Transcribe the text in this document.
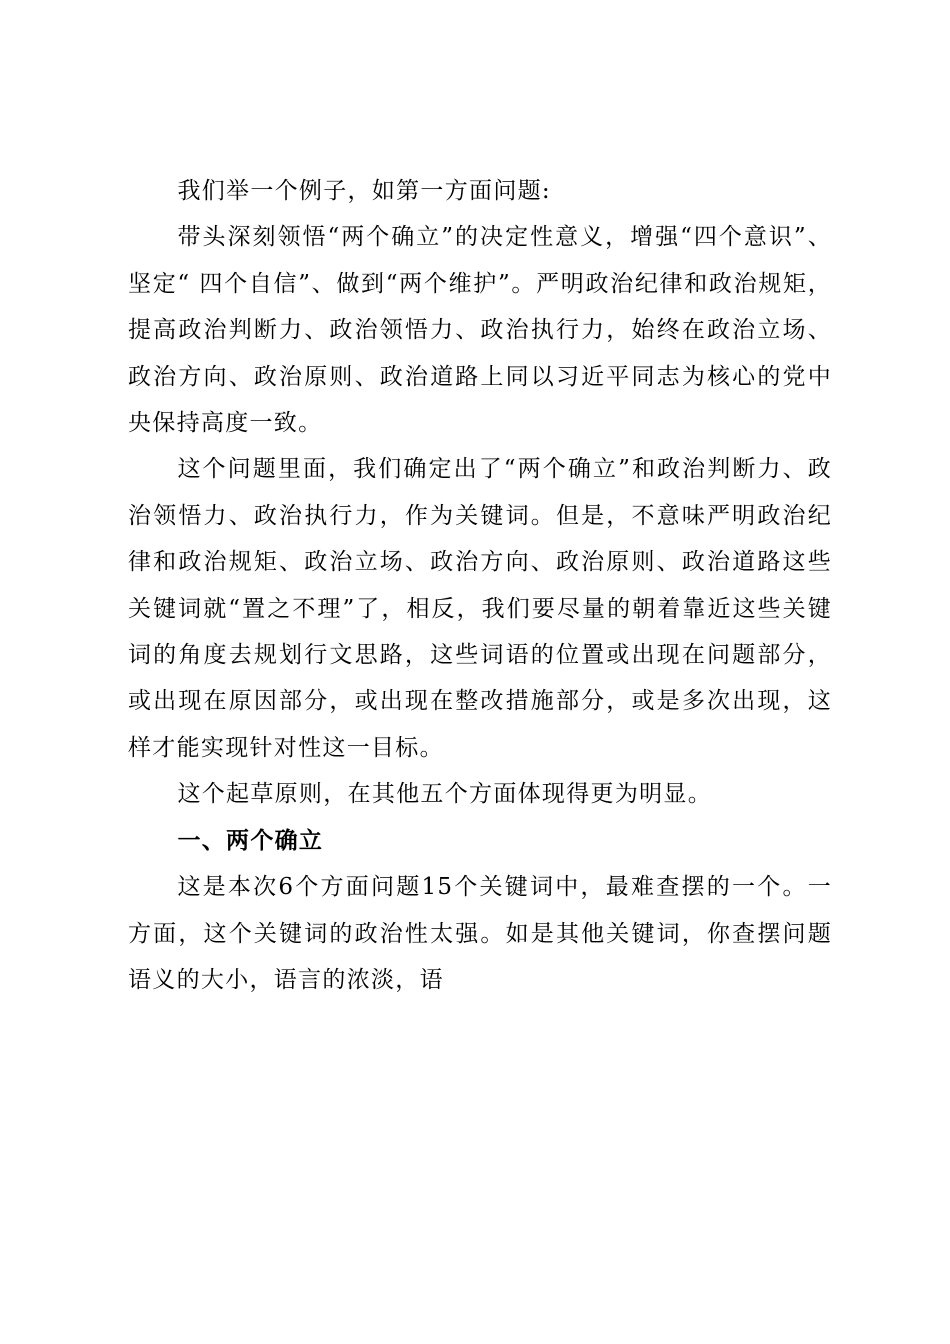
我们举一个例子，如第一方面问题:

带头深刻领悟“两个确立”的决定性意义，增强“四个意识”、坚定“ 四个自信”、做到“两个维护”。严明政治纪律和政治规矩，提高政治判断力、政治领悟力、政治执行力，始终在政治立场、政治方向、政治原则、政治道路上同以习近平同志为核心的党中央保持高度一致。

这个问题里面，我们确定出了“两个确立”和政治判断力、政治领悟力、政治执行力，作为关键词。但是，不意味严明政治纪律和政治规矩、政治立场、政治方向、政治原则、政治道路这些关键词就“置之不理”了，相反，我们要尽量的朝着靠近这些关键词的角度去规划行文思路，这些词语的位置或出现在问题部分，或出现在原因部分，或出现在整改措施部分，或是多次出现，这样才能实现针对性这一目标。

这个起草原则，在其他五个方面体现得更为明显。

一、两个确立

这是本次6个方面问题15个关键词中，最难查摆的一个。一方面，这个关键词的政治性太强。如是其他关键词，你查摆问题语义的大小，语言的浓淡，语
